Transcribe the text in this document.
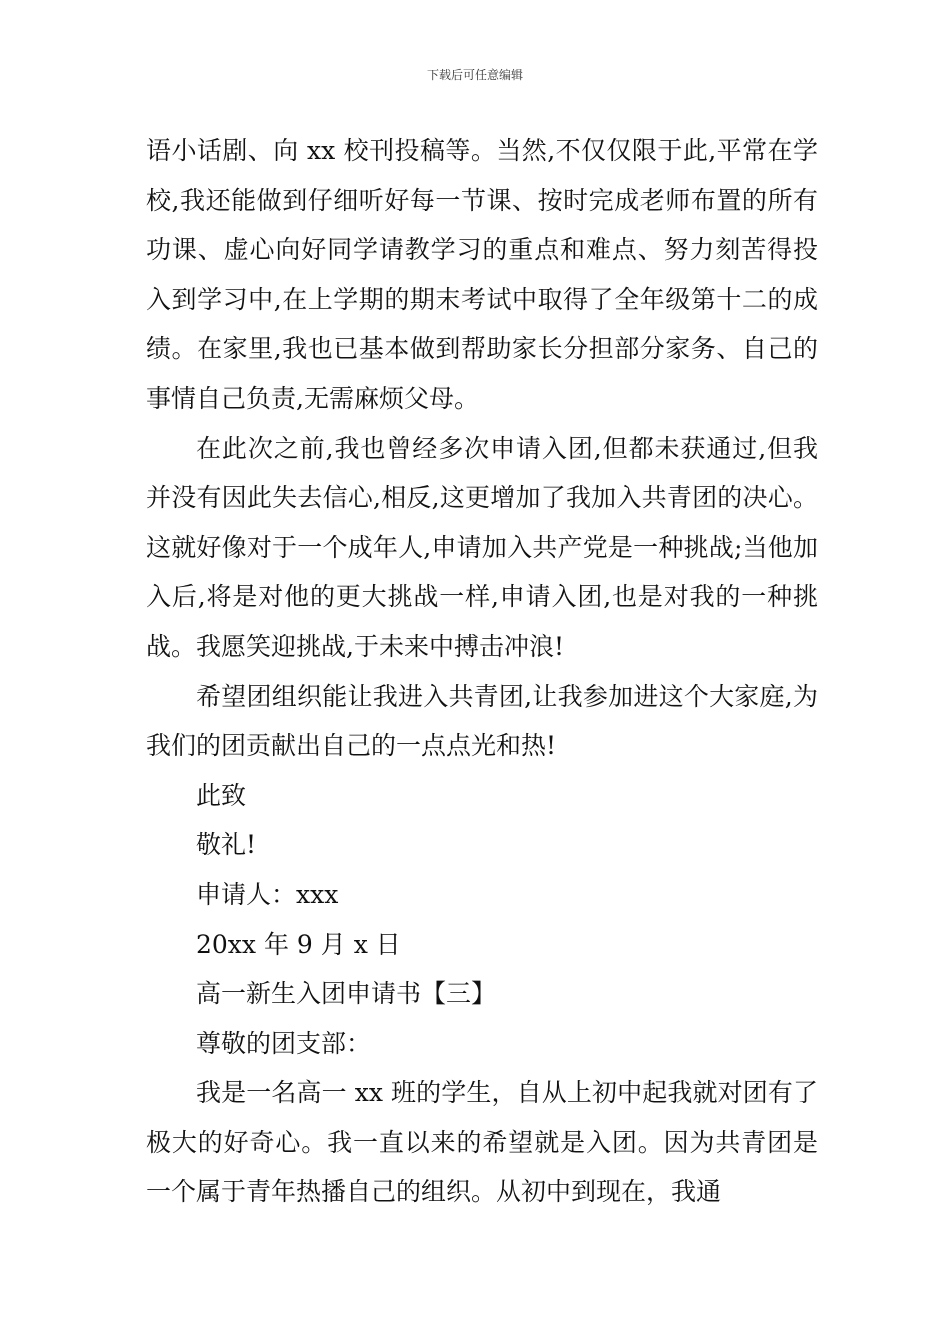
下载后可任意编辑

语小话剧、向 xx 校刊投稿等。当然,不仅仅限于此,平常在学校,我还能做到仔细听好每一节课、按时完成老师布置的所有功课、虚心向好同学请教学习的重点和难点、努力刻苦得投入到学习中,在上学期的期末考试中取得了全年级第十二的成绩。在家里,我也已基本做到帮助家长分担部分家务、自己的事情自己负责,无需麻烦父母。

在此次之前,我也曾经多次申请入团,但都未获通过,但我并没有因此失去信心,相反,这更增加了我加入共青团的决心。这就好像对于一个成年人,申请加入共产党是一种挑战;当他加入后,将是对他的更大挑战一样,申请入团,也是对我的一种挑战。我愿笑迎挑战,于未来中搏击冲浪!

希望团组织能让我进入共青团,让我参加进这个大家庭,为我们的团贡献出自己的一点点光和热!

此致

敬礼!

申请人：xxx

20xx 年 9 月 x 日

高一新生入团申请书【三】

尊敬的团支部：

我是一名高一 xx 班的学生，自从上初中起我就对团有了极大的好奇心。我一直以来的希望就是入团。因为共青团是一个属于青年热播自己的组织。从初中到现在，我通
